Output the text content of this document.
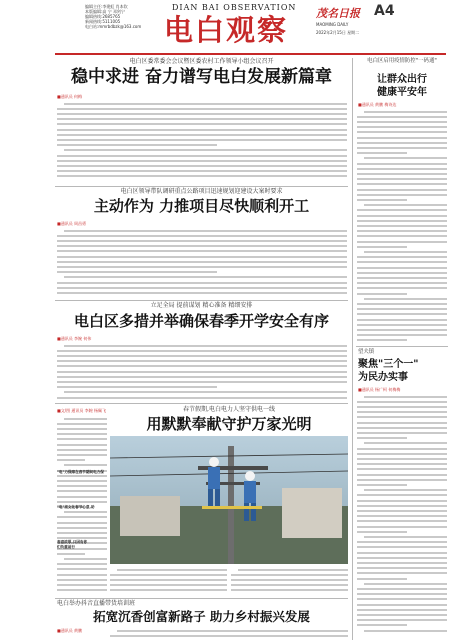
DIAN BAI OBSERVATION
电白观察
编辑主任:李建虹 肖本钦
本版编辑:高 宁 邓剑宁
编辑热线:2685765
新闻热线:5111005
电白站:mmrbdbzk@163.com
茂名日报 A4
MAOMING DAILY
2022年2月15日 星期二
电白区委常委会会议暨区委农村工作领导小组会议召开
稳中求进 奋力谱写电白发展新篇章
■通讯员 何梅

电白区启用疫情防控"一码通"
让群众出行
健康平安年
■通讯员 黄鹏 梅诗达

电白区领导带队调研重点公路项目迅速规划迎建设大案时要求
主动作为 力推项目尽快顺利开工
■通讯员 周昌勇

立足全局 提前谋划 精心准备 精细安排
电白区多措并举确保春季开学安全有序
■通讯员 李婉 何伟

望夫镇
聚焦"三个一"
为民办实事
■通讯员 杨广柯 何梅梅

春节假期,电白电力人坚守供电一线
用默默奉献守护万家光明
■文/图 通讯员 李婉 杨佩飞

"电"力保障在春节期间电力保
"电"亮文化春节心意,助
春意浓厚,只因有你
们负重前行
电白举办抖音直播带货培训班
拓宽沉香创富新路子 助力乡村振兴发展
■通讯员 黄鹏
